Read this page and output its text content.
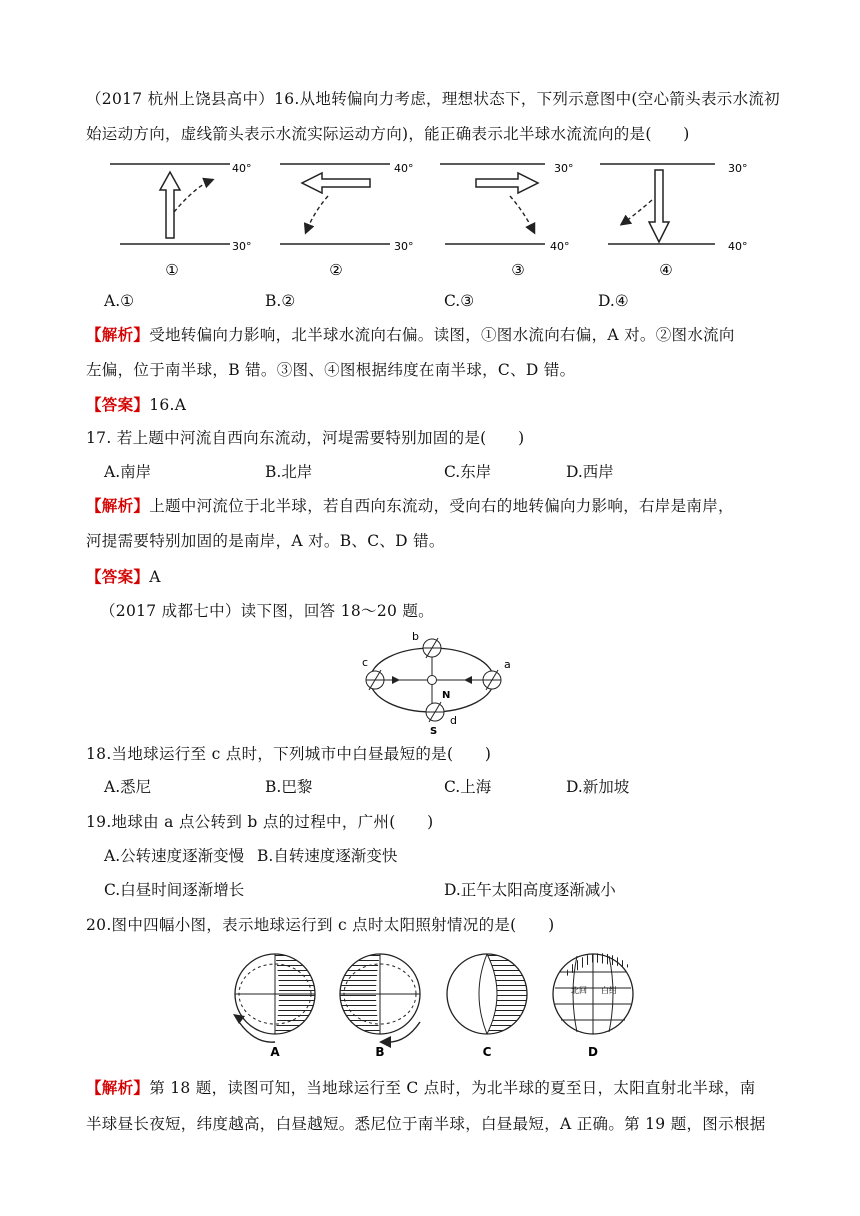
（2017 杭州上饶县高中）16.从地转偏向力考虑，理想状态下，下列示意图中(空心箭头表示水流初
始运动方向，虚线箭头表示水流实际运动方向)，能正确表示北半球水流流向的是(　　)
40°
30°
①
40°
30°
②
30°
40°
③
30°
40°
④
A.①	B.②	C.③	D.④
【解析】受地转偏向力影响，北半球水流向右偏。读图，①图水流向右偏，A 对。②图水流向
左偏，位于南半球，B 错。③图、④图根据纬度在南半球，C、D 错。
【答案】16.A
17. 若上题中河流自西向东流动，河堤需要特别加固的是(　　)
A.南岸	B.北岸	C.东岸	D.西岸
【解析】上题中河流位于北半球，若自西向东流动，受向右的地转偏向力影响，右岸是南岸，
河提需要特别加固的是南岸，A 对。B、C、D 错。
【答案】A
（2017 成都七中）读下图，回答 18～20 题。
b
c	a
d
N
S
18.当地球运行至 c 点时，下列城市中白昼最短的是(　　)
A.悉尼	B.巴黎	C.上海	D.新加坡
19.地球由 a 点公转到 b 点的过程中，广州(　　)
A.公转速度逐渐变慢 B.自转速度逐渐变快
C.白昼时间逐渐增长	D.正午太阳高度逐渐减小
20.图中四幅小图，表示地球运行到 c 点时太阳照射情况的是(　　)
A	B	C
北回 白绀
D
【解析】第 18 题，读图可知，当地球运行至 C 点时，为北半球的夏至日，太阳直射北半球，南
半球昼长夜短，纬度越高，白昼越短。悉尼位于南半球，白昼最短，A 正确。第 19 题，图示根据
